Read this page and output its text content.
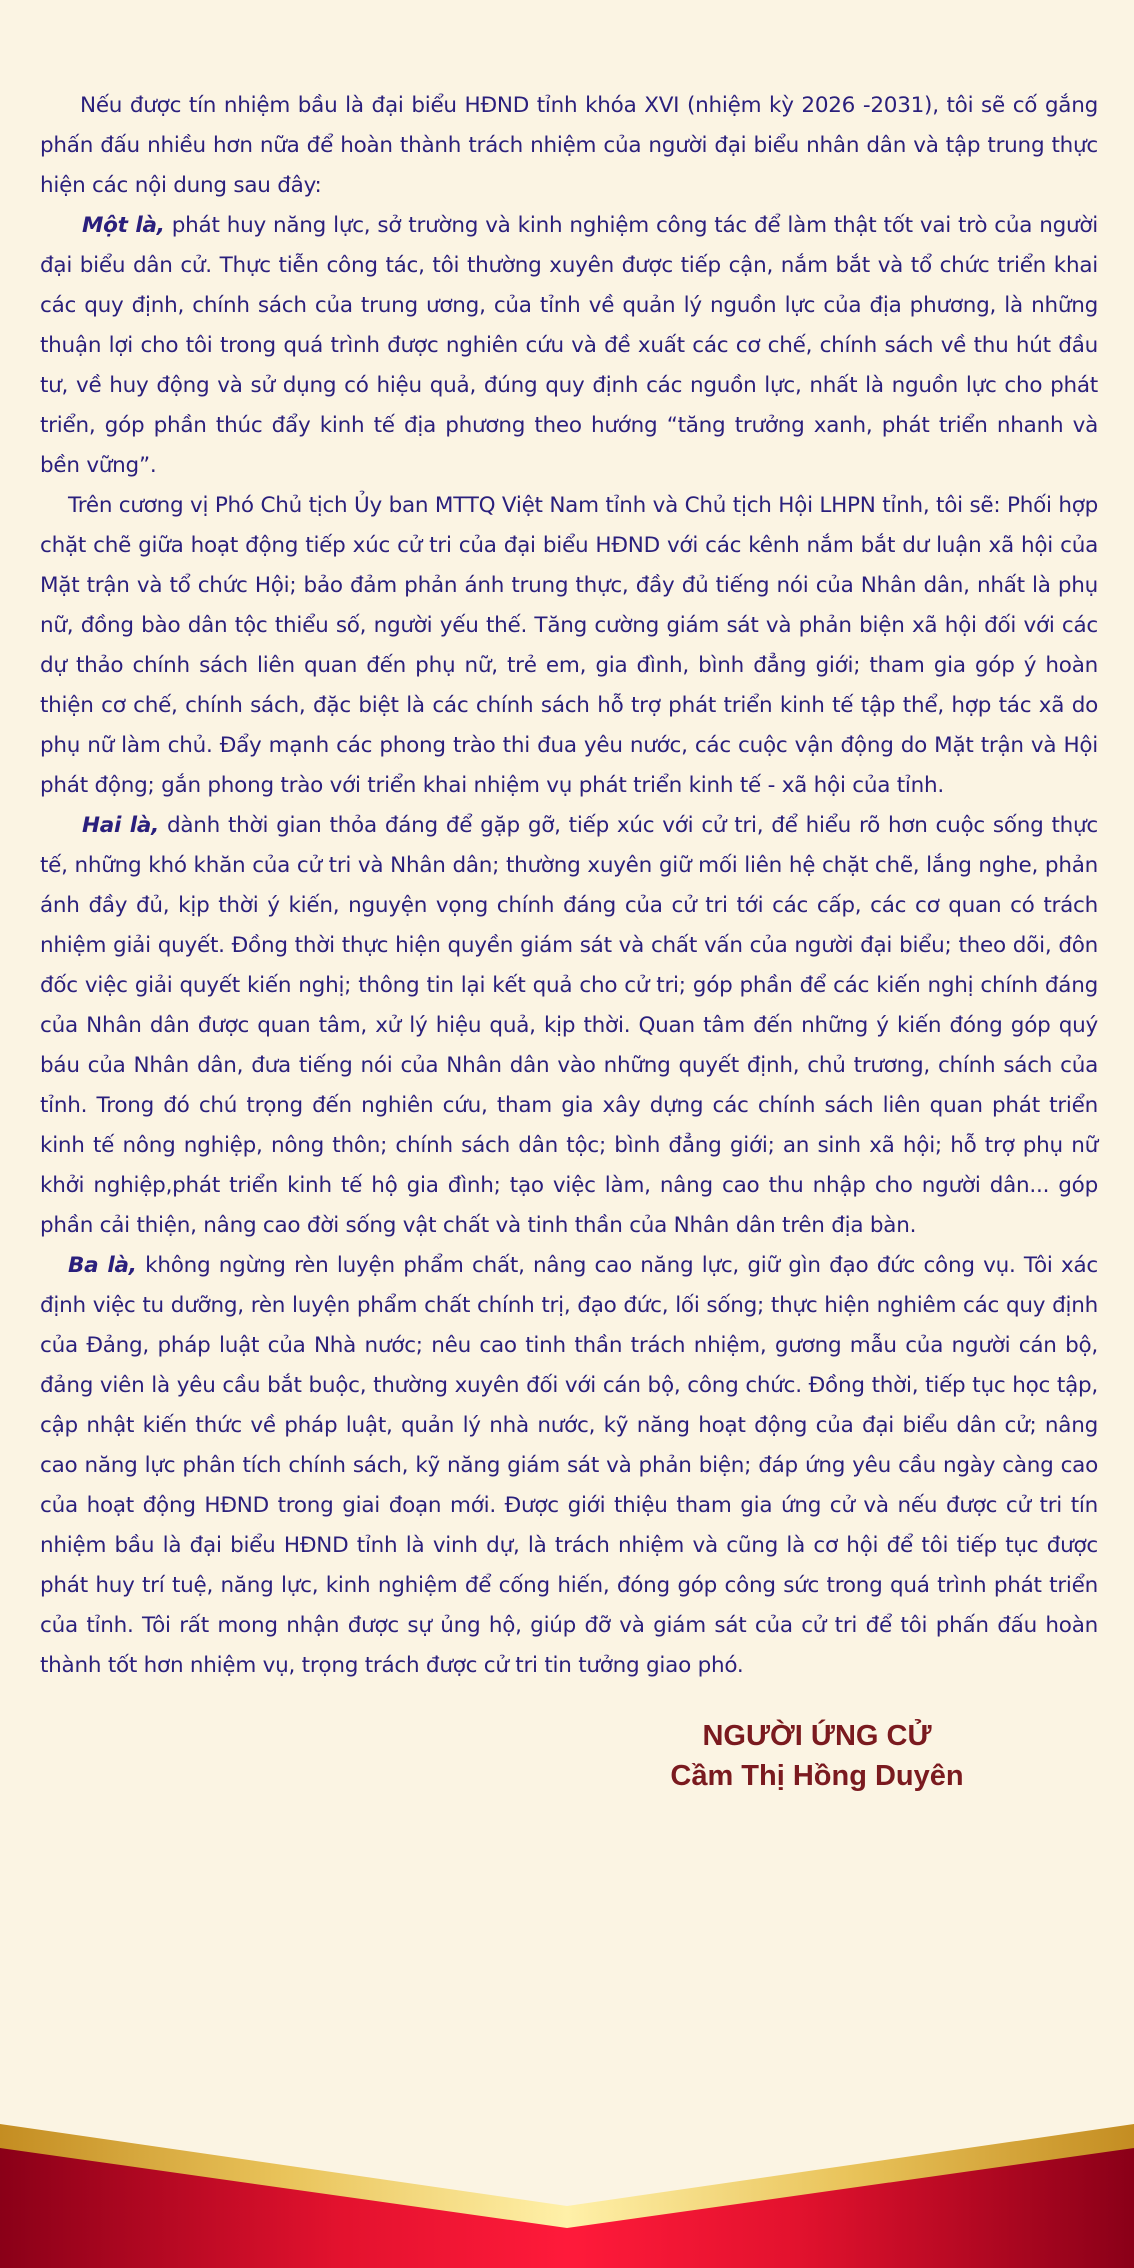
Nếu được tín nhiệm bầu là đại biểu HĐND tỉnh khóa XVI (nhiệm kỳ 2026 -2031), tôi sẽ cố gắng phấn đấu nhiều hơn nữa để hoàn thành trách nhiệm của người đại biểu nhân dân và tập trung thực hiện các nội dung sau đây:

Một là, phát huy năng lực, sở trường và kinh nghiệm công tác để làm thật tốt vai trò của người đại biểu dân cử. Thực tiễn công tác, tôi thường xuyên được tiếp cận, nắm bắt và tổ chức triển khai các quy định, chính sách của trung ương, của tỉnh về quản lý nguồn lực của địa phương, là những thuận lợi cho tôi trong quá trình được nghiên cứu và đề xuất các cơ chế, chính sách về thu hút đầu tư, về huy động và sử dụng có hiệu quả, đúng quy định các nguồn lực, nhất là nguồn lực cho phát triển, góp phần thúc đẩy kinh tế địa phương theo hướng “tăng trưởng xanh, phát triển nhanh và bền vững”.

Trên cương vị Phó Chủ tịch Ủy ban MTTQ Việt Nam tỉnh và Chủ tịch Hội LHPN tỉnh, tôi sẽ: Phối hợp chặt chẽ giữa hoạt động tiếp xúc cử tri của đại biểu HĐND với các kênh nắm bắt dư luận xã hội của Mặt trận và tổ chức Hội; bảo đảm phản ánh trung thực, đầy đủ tiếng nói của Nhân dân, nhất là phụ nữ, đồng bào dân tộc thiểu số, người yếu thế. Tăng cường giám sát và phản biện xã hội đối với các dự thảo chính sách liên quan đến phụ nữ, trẻ em, gia đình, bình đẳng giới; tham gia góp ý hoàn thiện cơ chế, chính sách, đặc biệt là các chính sách hỗ trợ phát triển kinh tế tập thể, hợp tác xã do phụ nữ làm chủ. Đẩy mạnh các phong trào thi đua yêu nước, các cuộc vận động do Mặt trận và Hội phát động; gắn phong trào với triển khai nhiệm vụ phát triển kinh tế - xã hội của tỉnh.

Hai là, dành thời gian thỏa đáng để gặp gỡ, tiếp xúc với cử tri, để hiểu rõ hơn cuộc sống thực tế, những khó khăn của cử tri và Nhân dân; thường xuyên giữ mối liên hệ chặt chẽ, lắng nghe, phản ánh đầy đủ, kịp thời ý kiến, nguyện vọng chính đáng của cử tri tới các cấp, các cơ quan có trách nhiệm giải quyết. Đồng thời thực hiện quyền giám sát và chất vấn của người đại biểu; theo dõi, đôn đốc việc giải quyết kiến nghị; thông tin lại kết quả cho cử tri; góp phần để các kiến nghị chính đáng của Nhân dân được quan tâm, xử lý hiệu quả, kịp thời. Quan tâm đến những ý kiến đóng góp quý báu của Nhân dân, đưa tiếng nói của Nhân dân vào những quyết định, chủ trương, chính sách của tỉnh. Trong đó chú trọng đến nghiên cứu, tham gia xây dựng các chính sách liên quan phát triển kinh tế nông nghiệp, nông thôn; chính sách dân tộc; bình đẳng giới; an sinh xã hội; hỗ trợ phụ nữ khởi nghiệp,phát triển kinh tế hộ gia đình; tạo việc làm, nâng cao thu nhập cho người dân... góp phần cải thiện, nâng cao đời sống vật chất và tinh thần của Nhân dân trên địa bàn.

Ba là, không ngừng rèn luyện phẩm chất, nâng cao năng lực, giữ gìn đạo đức công vụ. Tôi xác định việc tu dưỡng, rèn luyện phẩm chất chính trị, đạo đức, lối sống; thực hiện nghiêm các quy định của Đảng, pháp luật của Nhà nước; nêu cao tinh thần trách nhiệm, gương mẫu của người cán bộ, đảng viên là yêu cầu bắt buộc, thường xuyên đối với cán bộ, công chức. Đồng thời, tiếp tục học tập, cập nhật kiến thức về pháp luật, quản lý nhà nước, kỹ năng hoạt động của đại biểu dân cử; nâng cao năng lực phân tích chính sách, kỹ năng giám sát và phản biện; đáp ứng yêu cầu ngày càng cao của hoạt động HĐND trong giai đoạn mới. Được giới thiệu tham gia ứng cử và nếu được cử tri tín nhiệm bầu là đại biểu HĐND tỉnh là vinh dự, là trách nhiệm và cũng là cơ hội để tôi tiếp tục được phát huy trí tuệ, năng lực, kinh nghiệm để cống hiến, đóng góp công sức trong quá trình phát triển của tỉnh. Tôi rất mong nhận được sự ủng hộ, giúp đỡ và giám sát của cử tri để tôi phấn đấu hoàn thành tốt hơn nhiệm vụ, trọng trách được cử tri tin tưởng giao phó.

NGƯỜI ỨNG CỬ
Cầm Thị Hồng Duyên
